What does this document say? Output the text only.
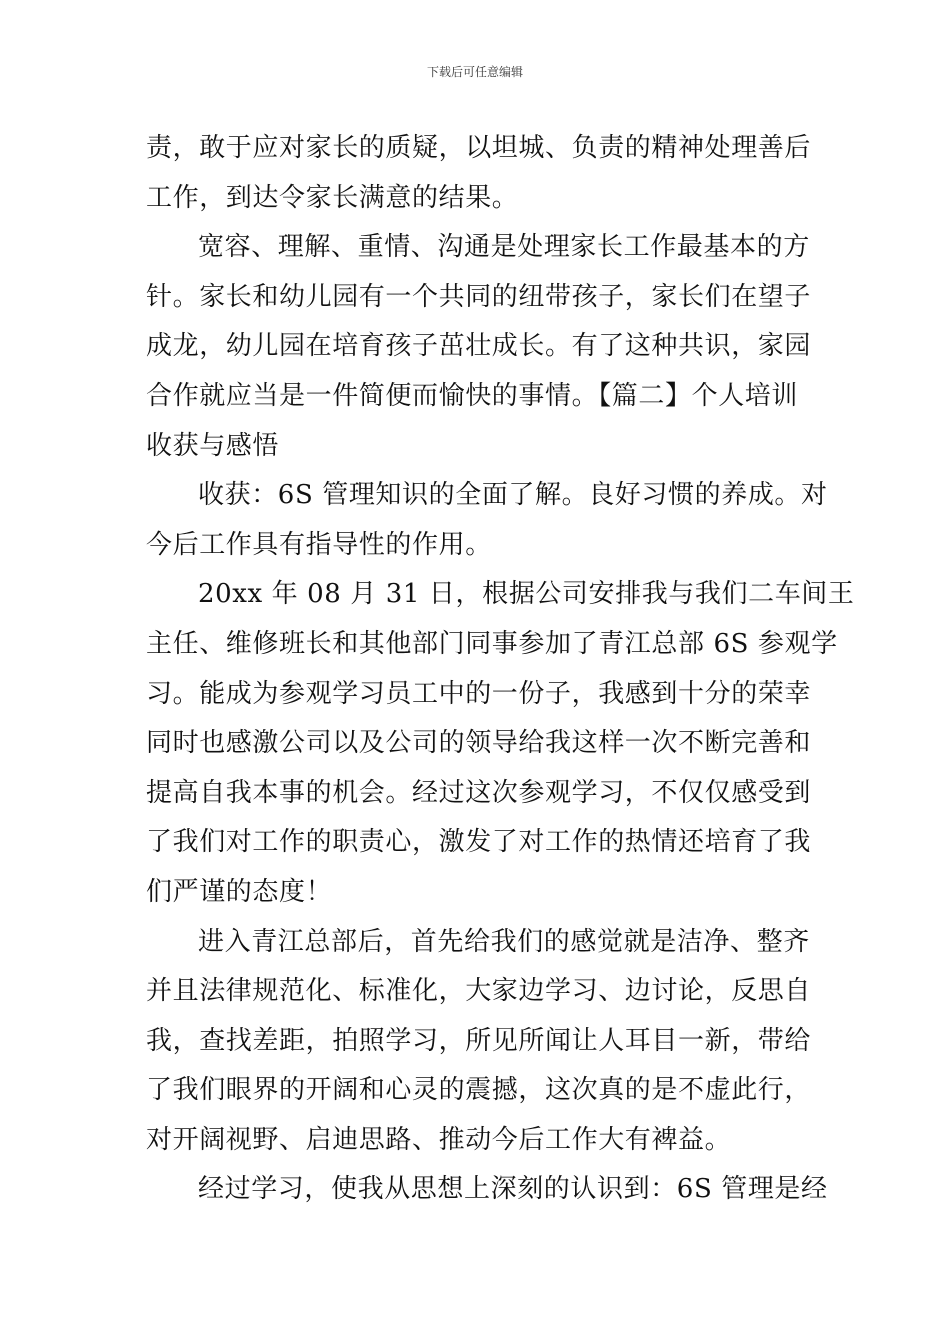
下载后可任意编辑
责，敢于应对家长的质疑，以坦城、负责的精神处理善后
工作，到达令家长满意的结果。
宽容、理解、重情、沟通是处理家长工作最基本的方
针。家长和幼儿园有一个共同的纽带孩子，家长们在望子
成龙，幼儿园在培育孩子茁壮成长。有了这种共识，家园
合作就应当是一件简便而愉快的事情。【篇二】个人培训
收获与感悟
收获：6S 管理知识的全面了解。良好习惯的养成。对
今后工作具有指导性的作用。
20xx 年 08 月 31 日，根据公司安排我与我们二车间王
主任、维修班长和其他部门同事参加了青江总部 6S 参观学
习。能成为参观学习员工中的一份子，我感到十分的荣幸
同时也感激公司以及公司的领导给我这样一次不断完善和
提高自我本事的机会。经过这次参观学习，不仅仅感受到
了我们对工作的职责心，激发了对工作的热情还培育了我
们严谨的态度！
进入青江总部后，首先给我们的感觉就是洁净、整齐
并且法律规范化、标准化，大家边学习、边讨论，反思自
我，查找差距，拍照学习，所见所闻让人耳目一新，带给
了我们眼界的开阔和心灵的震撼，这次真的是不虚此行，
对开阔视野、启迪思路、推动今后工作大有裨益。
经过学习，使我从思想上深刻的认识到：6S 管理是经
